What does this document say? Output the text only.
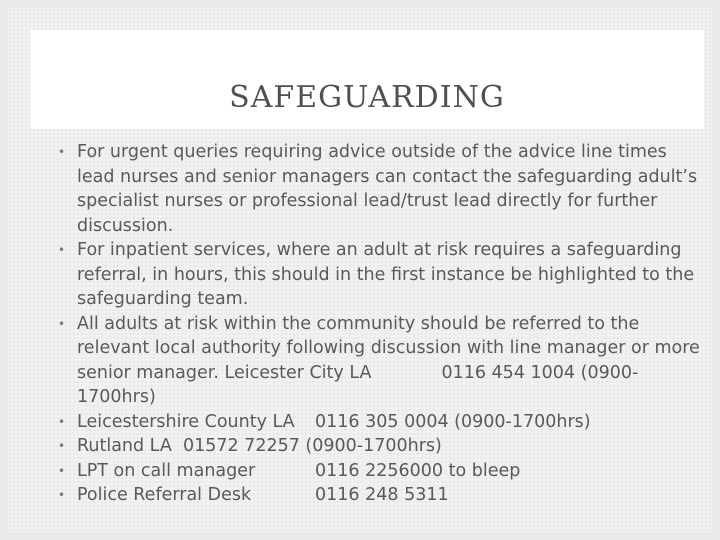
SAFEGUARDING
• For urgent queries requiring advice outside of the advice line times lead nurses and senior managers can contact the safeguarding adult’s specialist nurses or professional lead/trust lead directly for further discussion.
• For inpatient services, where an adult at risk requires a safeguarding referral, in hours, this should in the first instance be highlighted to the safeguarding team.
• All adults at risk within the community should be referred to the relevant local authority following discussion with line manager or more senior manager. Leicester City LA	0116 454 1004 (0900-1700hrs)
• Leicestershire County LA	0116 305 0004 (0900-1700hrs)
• Rutland LA 01572 72257 (0900-1700hrs)
• LPT on call manager	0116 2256000 to bleep
• Police Referral Desk	0116 248 5311
